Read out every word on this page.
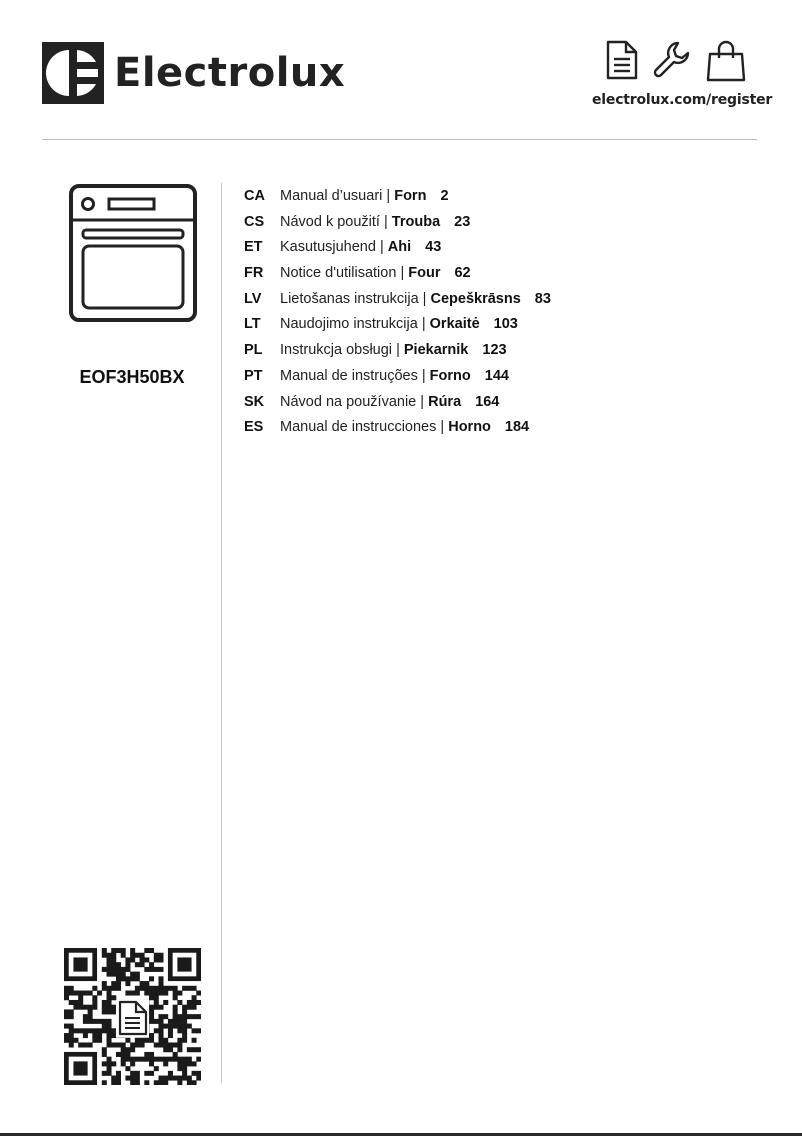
Electrolux
electrolux.com/register
EOF3H50BX
CA Manual d’usuari | Forn 2
CS Návod k použití | Trouba 23
ET Kasutusjuhend | Ahi 43
FR Notice d'utilisation | Four 62
LV Lietošanas instrukcija | Cepeškrāsns 83
LT Naudojimo instrukcija | Orkaitė 103
PL Instrukcja obsługi | Piekarnik 123
PT Manual de instruções | Forno 144
SK Návod na používanie | Rúra 164
ES Manual de instrucciones | Horno 184
